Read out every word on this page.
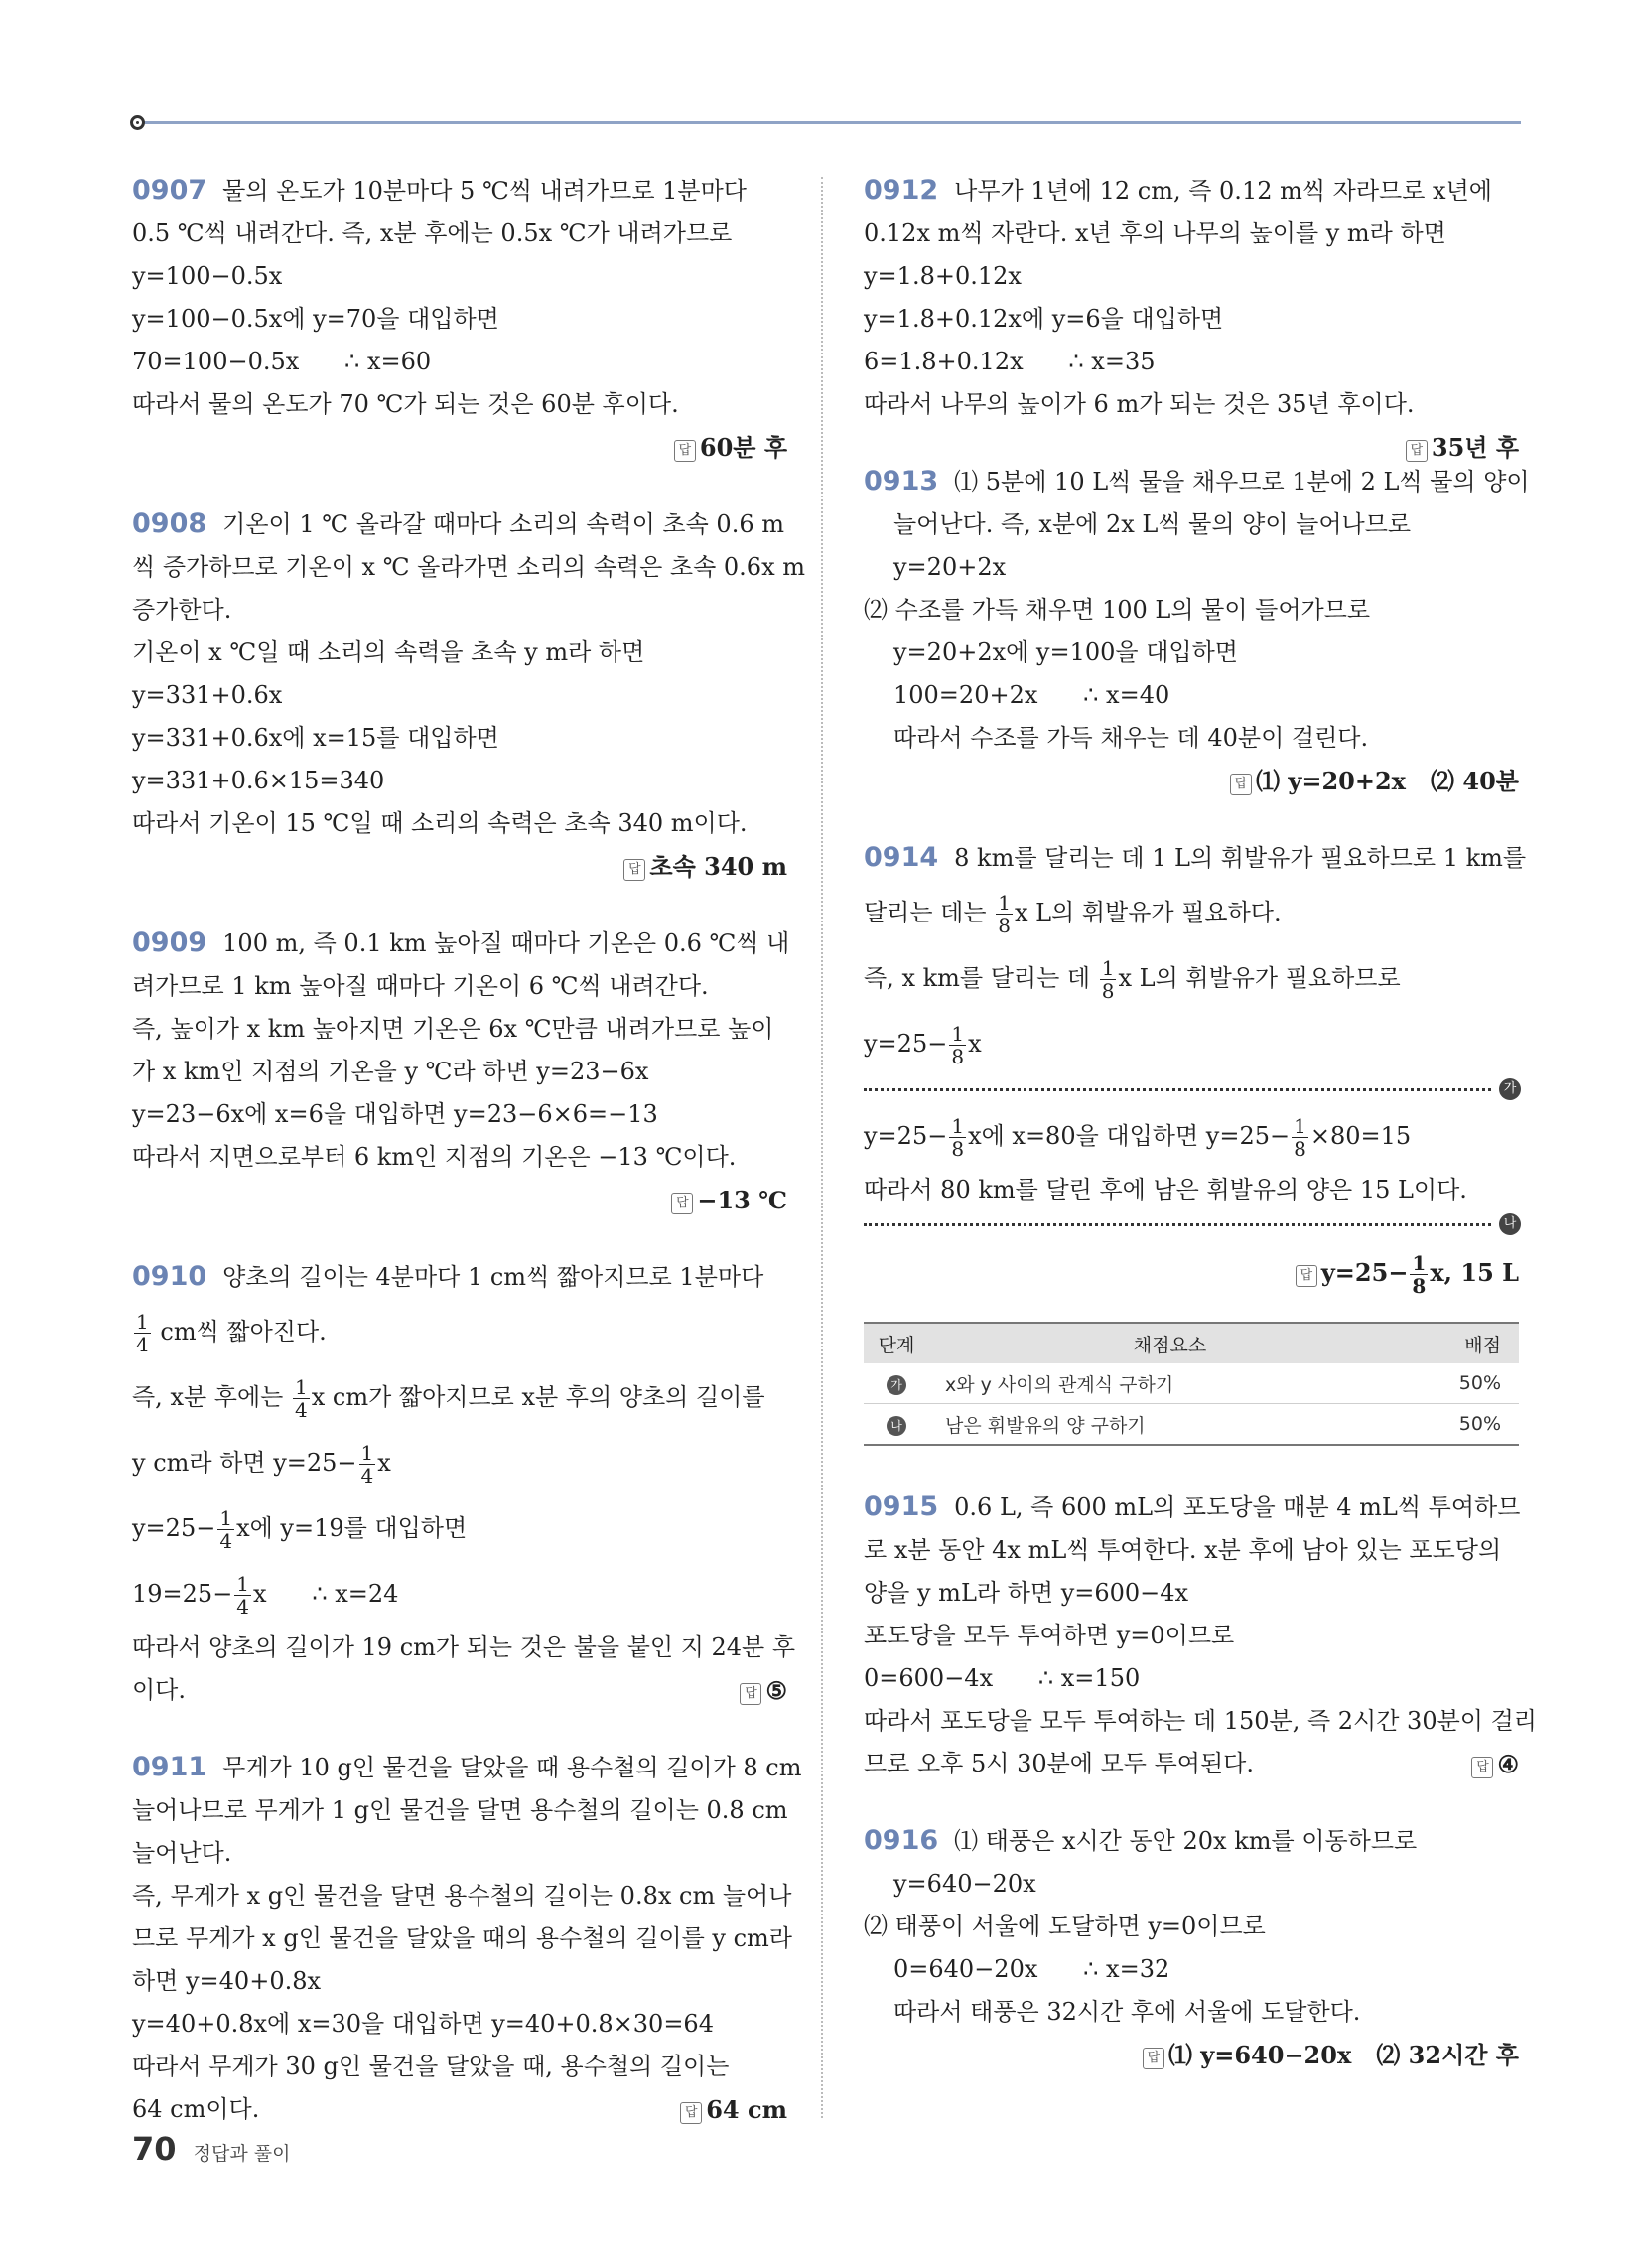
0907 물의 온도가 10분마다 5 ℃씩 내려가므로 1분마다
0.5 ℃씩 내려간다. 즉, x분 후에는 0.5x ℃가 내려가므로
y=100−0.5x
y=100−0.5x에 y=70을 대입하면
70=100−0.5x      ∴ x=60
따라서 물의 온도가 70 ℃가 되는 것은 60분 후이다.
답 60분 후
0908 기온이 1 ℃ 올라갈 때마다 소리의 속력이 초속 0.6 m
씩 증가하므로 기온이 x ℃ 올라가면 소리의 속력은 초속 0.6x m
증가한다.
기온이 x ℃일 때 소리의 속력을 초속 y m라 하면
y=331+0.6x
y=331+0.6x에 x=15를 대입하면
y=331+0.6×15=340
따라서 기온이 15 ℃일 때 소리의 속력은 초속 340 m이다.
답 초속 340 m
0909 100 m, 즉 0.1 km 높아질 때마다 기온은 0.6 ℃씩 내
려가므로 1 km 높아질 때마다 기온이 6 ℃씩 내려간다.
즉, 높이가 x km 높아지면 기온은 6x ℃만큼 내려가므로 높이
가 x km인 지점의 기온을 y ℃라 하면 y=23−6x
y=23−6x에 x=6을 대입하면 y=23−6×6=−13
따라서 지면으로부터 6 km인 지점의 기온은 −13 ℃이다.
답 −13 ℃
0910 양초의 길이는 4분마다 1 cm씩 짧아지므로 1분마다
$\frac{1}{4}$ cm씩 짧아진다.
즉, x분 후에는 $\frac{1}{4}$ x cm가 짧아지므로 x분 후의 양초의 길이를
y cm라 하면 $y=25- \frac{1}{4}$ x
$y=25- \frac{1}{4}$ x에 y=19를 대입하면
$19=25- \frac{1}{4}$ x      ∴ x=24
따라서 양초의 길이가 19 cm가 되는 것은 불을 붙인 지 24분 후
이다.	답 ⑤
0911 무게가 10 g인 물건을 달았을 때 용수철의 길이가 8 cm
늘어나므로 무게가 1 g인 물건을 달면 용수철의 길이는 0.8 cm
늘어난다.
즉, 무게가 x g인 물건을 달면 용수철의 길이는 0.8x cm 늘어나
므로 무게가 x g인 물건을 달았을 때의 용수철의 길이를 y cm라
하면 y=40+0.8x
y=40+0.8x에 x=30을 대입하면 y=40+0.8×30=64
따라서 무게가 30 g인 물건을 달았을 때, 용수철의 길이는
64 cm이다.	답 64 cm
0912 나무가 1년에 12 cm, 즉 0.12 m씩 자라므로 x년에
0.12x m씩 자란다. x년 후의 나무의 높이를 y m라 하면
y=1.8+0.12x
y=1.8+0.12x에 y=6을 대입하면
6=1.8+0.12x      ∴ x=35
따라서 나무의 높이가 6 m가 되는 것은 35년 후이다.
답 35년 후
0913 ⑴ 5분에 10 L씩 물을 채우므로 1분에 2 L씩 물의 양이
늘어난다. 즉, x분에 2x L씩 물의 양이 늘어나므로
y=20+2x
⑵ 수조를 가득 채우면 100 L의 물이 들어가므로
y=20+2x에 y=100을 대입하면
100=20+2x      ∴ x=40
따라서 수조를 가득 채우는 데 40분이 걸린다.
답 ⑴ y=20+2x   ⑵ 40분
0914 8 km를 달리는 데 1 L의 휘발유가 필요하므로 1 km를
달리는 데는 $\frac{1}{8}$ x L의 휘발유가 필요하다.
즉, x km를 달리는 데 $\frac{1}{8}$ x L의 휘발유가 필요하므로
$y=25- \frac{1}{8}$ x
가
$y=25- \frac{1}{8}$ x에 x=80을 대입하면 $y=25- \frac{1}{8} \times 80=15$
따라서 80 km를 달린 후에 남은 휘발유의 양은 15 L이다.
나
답 $y=25- \frac{1}{8} x$, 15 L
단계	채점요소	배점
가	x와 y 사이의 관계식 구하기	50%
나	남은 휘발유의 양 구하기	50%
0915 0.6 L, 즉 600 mL의 포도당을 매분 4 mL씩 투여하므
로 x분 동안 4x mL씩 투여한다. x분 후에 남아 있는 포도당의
양을 y mL라 하면 y=600−4x
포도당을 모두 투여하면 y=0이므로
0=600−4x      ∴ x=150
따라서 포도당을 모두 투여하는 데 150분, 즉 2시간 30분이 걸리
므로 오후 5시 30분에 모두 투여된다.	답 ④
0916 ⑴ 태풍은 x시간 동안 20x km를 이동하므로
y=640−20x
⑵ 태풍이 서울에 도달하면 y=0이므로
0=640−20x      ∴ x=32
따라서 태풍은 32시간 후에 서울에 도달한다.
답 ⑴ y=640−20x   ⑵ 32시간 후
70 정답과 풀이
